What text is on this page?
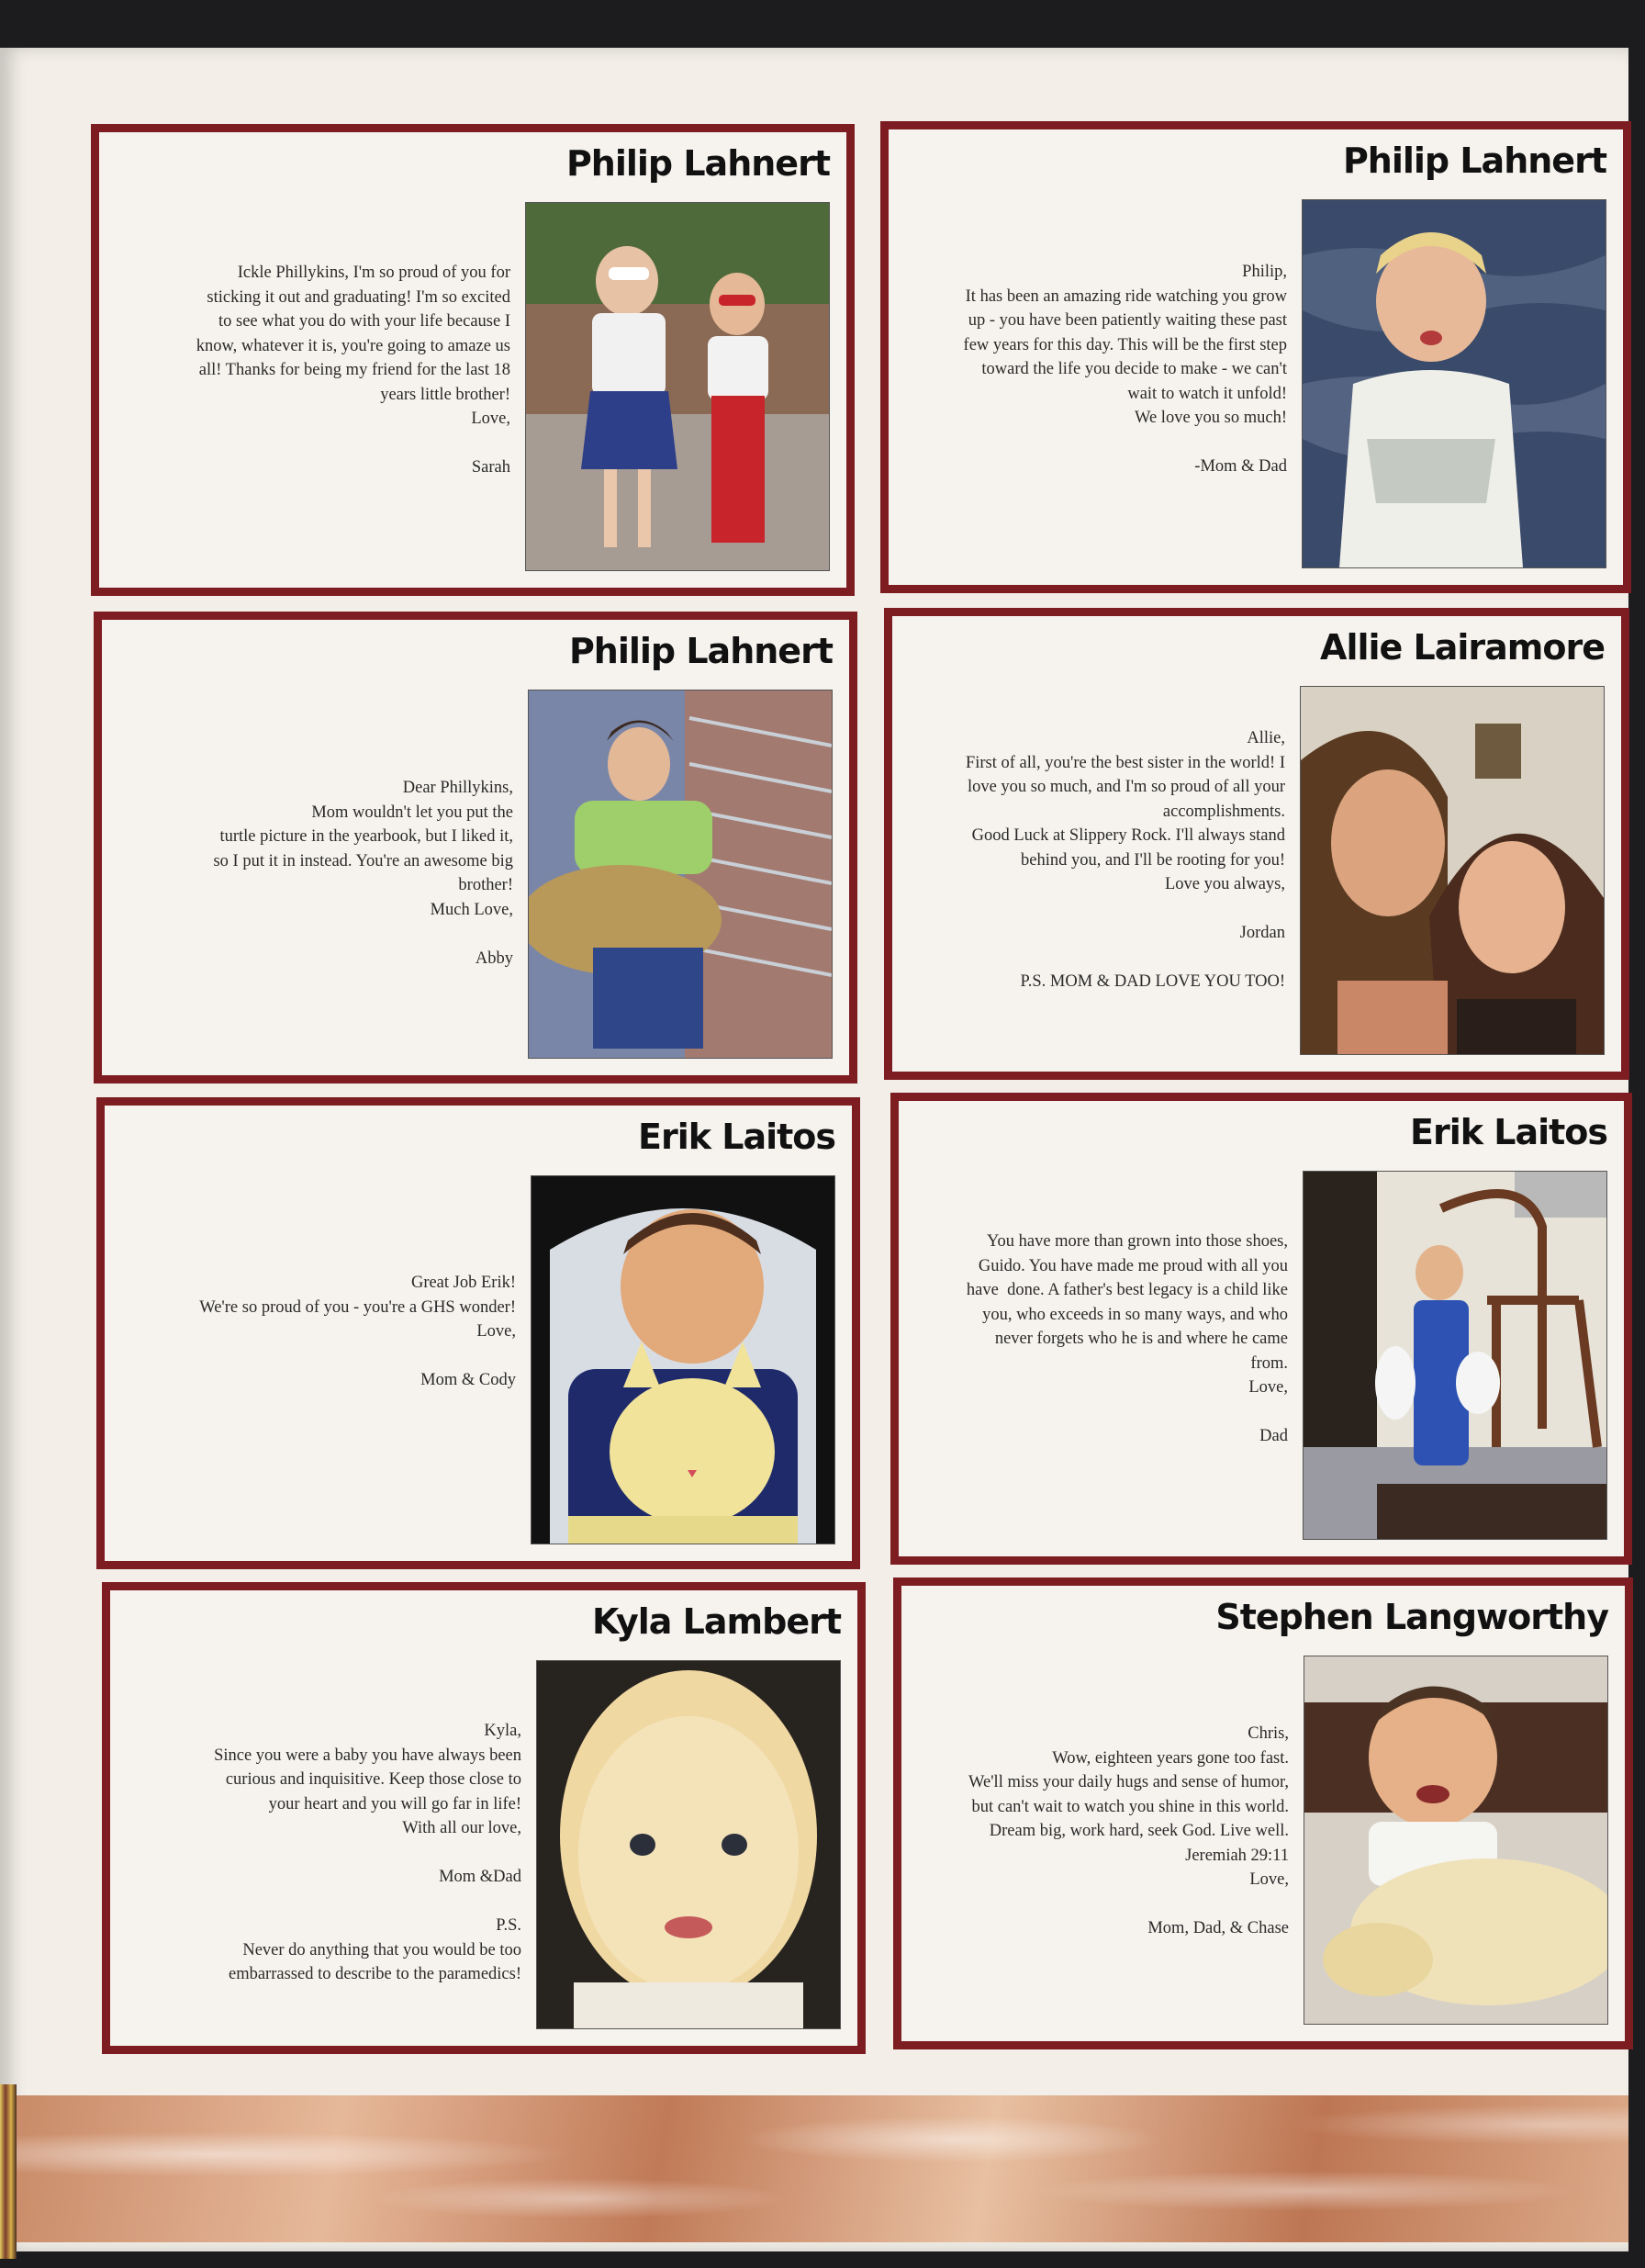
Philip Lahnert
Ickle Phillykins, I'm so proud of you for
sticking it out and graduating! I'm so excited
to see what you do with your life because I
know, whatever it is, you're going to amaze us
all! Thanks for being my friend for the last 18
years little brother!
Love,

Sarah
Philip Lahnert
Philip,
It has been an amazing ride watching you grow
up - you have been patiently waiting these past
few years for this day. This will be the first step
toward the life you decide to make - we can't
wait to watch it unfold!
We love you so much!

-Mom & Dad
Philip Lahnert
Dear Phillykins,
Mom wouldn't let you put the
turtle picture in the yearbook, but I liked it,
so I put it in instead. You're an awesome big
brother!
Much Love,

Abby
Allie Lairamore
Allie,
First of all, you're the best sister in the world! I
love you so much, and I'm so proud of all your
accomplishments.
Good Luck at Slippery Rock. I'll always stand
behind you, and I'll be rooting for you!
Love you always,

Jordan

P.S. MOM & DAD LOVE YOU TOO!
Erik Laitos
Great Job Erik!
We're so proud of you - you're a GHS wonder!
Love,

Mom & Cody
Erik Laitos
You have more than grown into those shoes,
Guido. You have made me proud with all you
have  done. A father's best legacy is a child like
you, who exceeds in so many ways, and who
never forgets who he is and where he came
from.
Love,

Dad
Kyla Lambert
Kyla,
Since you were a baby you have always been
curious and inquisitive. Keep those close to
your heart and you will go far in life!
With all our love,

Mom &Dad

P.S.
Never do anything that you would be too
embarrassed to describe to the paramedics!
Stephen Langworthy
Chris,
Wow, eighteen years gone too fast.
We'll miss your daily hugs and sense of humor,
but can't wait to watch you shine in this world.
Dream big, work hard, seek God. Live well.
Jeremiah 29:11
Love,

Mom, Dad, & Chase
